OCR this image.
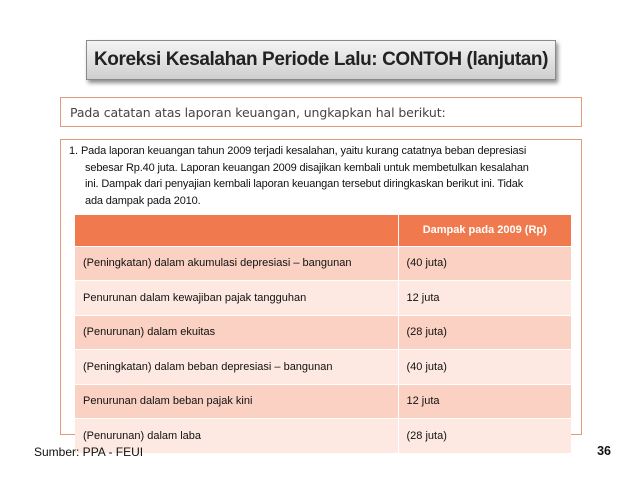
Koreksi Kesalahan Periode Lalu: CONTOH (lanjutan)
Pada catatan atas laporan keuangan, ungkapkan hal berikut:
1. Pada laporan keuangan tahun 2009 terjadi kesalahan, yaitu kurang catatnya beban depresiasi
sebesar Rp.40 juta. Laporan keuangan 2009 disajikan kembali untuk membetulkan kesalahan
ini. Dampak dari penyajian kembali laporan keuangan tersebut diringkaskan berikut ini. Tidak
ada dampak pada 2010.
	Dampak pada 2009 (Rp)
(Peningkatan) dalam akumulasi depresiasi – bangunan	(40 juta)
Penurunan dalam kewajiban pajak tangguhan	12 juta
(Penurunan) dalam ekuitas	(28 juta)
(Peningkatan) dalam beban depresiasi – bangunan	(40 juta)
Penurunan dalam beban pajak kini	12 juta
(Penurunan) dalam laba	(28 juta)
Sumber: PPA - FEUI	36
